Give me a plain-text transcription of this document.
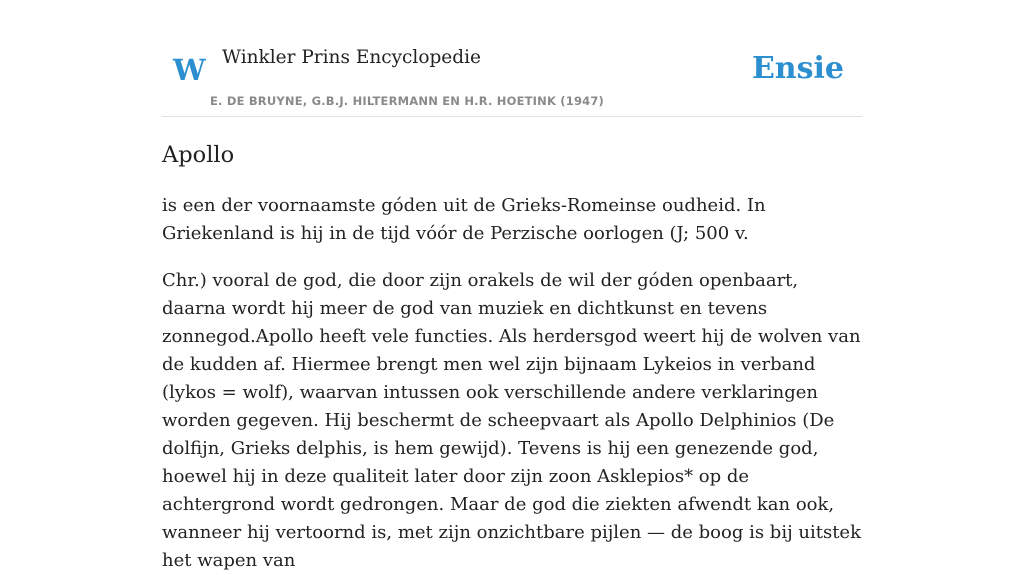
W Winkler Prins Encyclopedie
E. DE BRUYNE, G.B.J. HILTERMANN EN H.R. HOETINK (1947)
Ensie
Apollo

is een der voornaamste góden uit de Grieks-Romeinse oudheid. In Griekenland is hij in de tijd vóór de Perzische oorlogen (J; 500 v.

Chr.) vooral de god, die door zijn orakels de wil der góden openbaart, daarna wordt hij meer de god van muziek en dichtkunst en tevens zonnegod.Apollo heeft vele functies. Als herdersgod weert hij de wolven van de kudden af. Hiermee brengt men wel zijn bijnaam Lykeios in verband (lykos = wolf), waarvan intussen ook verschillende andere verklaringen worden gegeven. Hij beschermt de scheepvaart als Apollo Delphinios (De dolfijn, Grieks delphis, is hem gewijd). Tevens is hij een genezende god, hoewel hij in deze qualiteit later door zijn zoon Asklepios* op de achtergrond wordt gedrongen. Maar de god die ziekten afwendt kan ook, wanneer hij vertoornd is, met zijn onzichtbare pijlen — de boog is bij uitstek het wapen van
